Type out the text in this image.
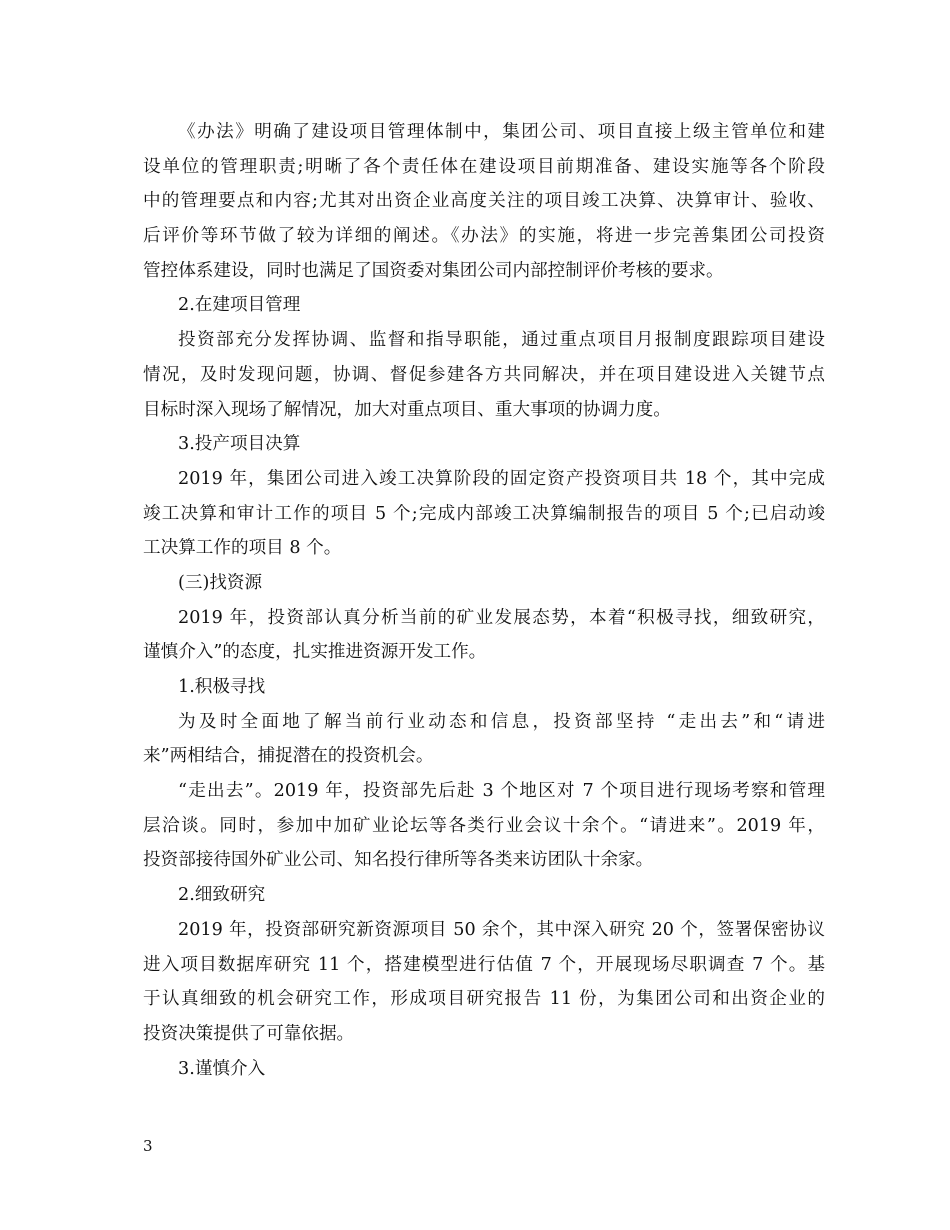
《办法》明确了建设项目管理体制中，集团公司、项目直接上级主管单位和建
设单位的管理职责;明晰了各个责任体在建设项目前期准备、建设实施等各个阶段
中的管理要点和内容;尤其对出资企业高度关注的项目竣工决算、决算审计、验收、
后评价等环节做了较为详细的阐述。《办法》的实施，将进一步完善集团公司投资
管控体系建设，同时也满足了国资委对集团公司内部控制评价考核的要求。
2.在建项目管理
投资部充分发挥协调、监督和指导职能，通过重点项目月报制度跟踪项目建设
情况，及时发现问题，协调、督促参建各方共同解决，并在项目建设进入关键节点
目标时深入现场了解情况，加大对重点项目、重大事项的协调力度。
3.投产项目决算
2019 年，集团公司进入竣工决算阶段的固定资产投资项目共 18 个，其中完成
竣工决算和审计工作的项目 5 个;完成内部竣工决算编制报告的项目 5 个;已启动竣
工决算工作的项目 8 个。
(三)找资源
2019 年，投资部认真分析当前的矿业发展态势，本着“积极寻找，细致研究，
谨慎介入”的态度，扎实推进资源开发工作。
1.积极寻找
为及时全面地了解当前行业动态和信息，投资部坚持 “走出去”和“请进
来”两相结合，捕捉潜在的投资机会。
“走出去”。2019 年，投资部先后赴 3 个地区对 7 个项目进行现场考察和管理
层洽谈。同时，参加中加矿业论坛等各类行业会议十余个。“请进来”。2019 年，
投资部接待国外矿业公司、知名投行律所等各类来访团队十余家。
2.细致研究
2019 年，投资部研究新资源项目 50 余个，其中深入研究 20 个，签署保密协议
进入项目数据库研究 11 个，搭建模型进行估值 7 个，开展现场尽职调查 7 个。基
于认真细致的机会研究工作，形成项目研究报告 11 份，为集团公司和出资企业的
投资决策提供了可靠依据。
3.谨慎介入
3
